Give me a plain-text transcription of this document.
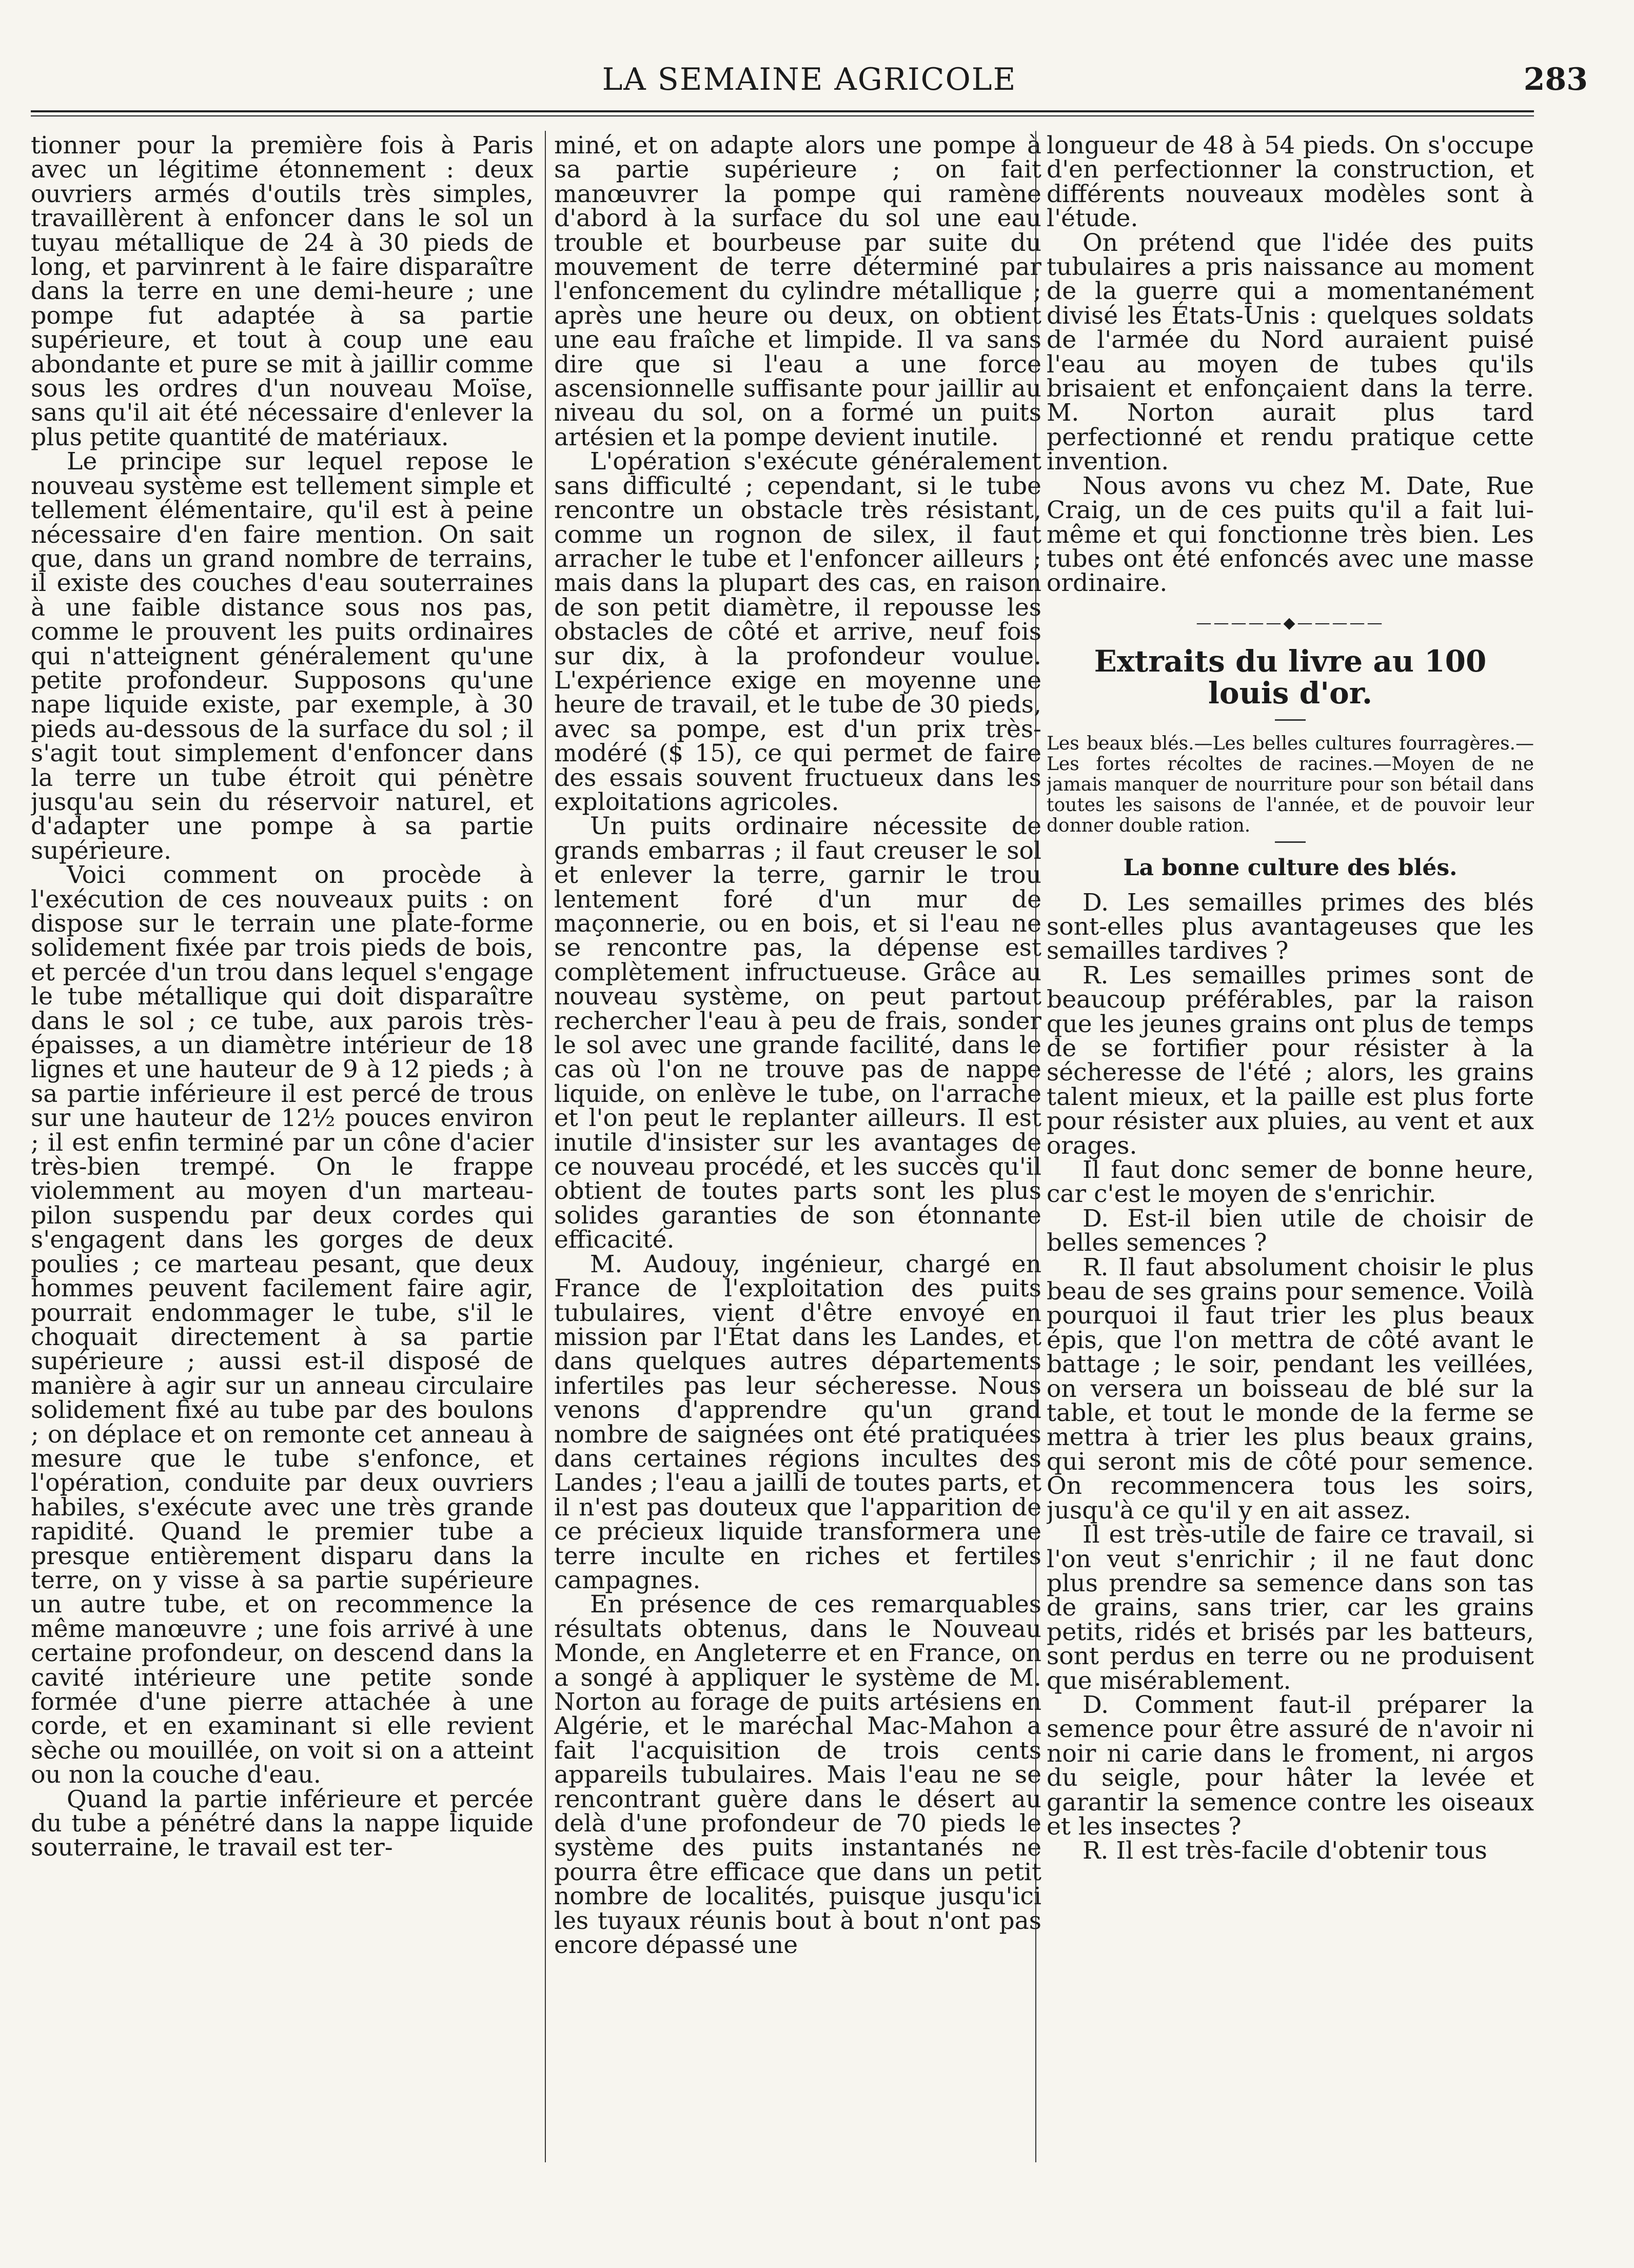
LA SEMAINE AGRICOLE	283

tionner pour la première fois à Paris avec un légitime étonnement : deux ouvriers armés d'outils très simples, travaillèrent à enfoncer dans le sol un tuyau métallique de 24 à 30 pieds de long, et parvinrent à le faire disparaître dans la terre en une demi-heure ; une pompe fut adaptée à sa partie supérieure, et tout à coup une eau abondante et pure se mit à jaillir comme sous les ordres d'un nouveau Moïse, sans qu'il ait été nécessaire d'enlever la plus petite quantité de matériaux.

Le principe sur lequel repose le nouveau système est tellement simple et tellement élémentaire, qu'il est à peine nécessaire d'en faire mention. On sait que, dans un grand nombre de terrains, il existe des couches d'eau souterraines à une faible distance sous nos pas, comme le prouvent les puits ordinaires qui n'atteignent généralement qu'une petite profondeur. Supposons qu'une nape liquide existe, par exemple, à 30 pieds au-dessous de la surface du sol ; il s'agit tout simplement d'enfoncer dans la terre un tube étroit qui pénètre jusqu'au sein du réservoir naturel, et d'adapter une pompe à sa partie supérieure.

Voici comment on procède à l'exécution de ces nouveaux puits : on dispose sur le terrain une plate-forme solidement fixée par trois pieds de bois, et percée d'un trou dans lequel s'engage le tube métallique qui doit disparaître dans le sol ; ce tube, aux parois très-épaisses, a un diamètre intérieur de 18 lignes et une hauteur de 9 à 12 pieds ; à sa partie inférieure il est percé de trous sur une hauteur de 12½ pouces environ ; il est enfin terminé par un cône d'acier très-bien trempé. On le frappe violemment au moyen d'un marteau-pilon suspendu par deux cordes qui s'engagent dans les gorges de deux poulies ; ce marteau pesant, que deux hommes peuvent facilement faire agir, pourrait endommager le tube, s'il le choquait directement à sa partie supérieure ; aussi est-il disposé de manière à agir sur un anneau circulaire solidement fixé au tube par des boulons ; on déplace et on remonte cet anneau à mesure que le tube s'enfonce, et l'opération, conduite par deux ouvriers habiles, s'exécute avec une très grande rapidité. Quand le premier tube a presque entièrement disparu dans la terre, on y visse à sa partie supérieure un autre tube, et on recommence la même manœuvre ; une fois arrivé à une certaine profondeur, on descend dans la cavité intérieure une petite sonde formée d'une pierre attachée à une corde, et en examinant si elle revient sèche ou mouillée, on voit si on a atteint ou non la couche d'eau.

Quand la partie inférieure et percée du tube a pénétré dans la nappe liquide souterraine, le travail est ter-

miné, et on adapte alors une pompe à sa partie supérieure ; on fait manœuvrer la pompe qui ramène d'abord à la surface du sol une eau trouble et bourbeuse par suite du mouvement de terre déterminé par l'enfoncement du cylindre métallique ; après une heure ou deux, on obtient une eau fraîche et limpide. Il va sans dire que si l'eau a une force ascensionnelle suffisante pour jaillir au niveau du sol, on a formé un puits artésien et la pompe devient inutile.

L'opération s'exécute généralement sans difficulté ; cependant, si le tube rencontre un obstacle très résistant, comme un rognon de silex, il faut arracher le tube et l'enfoncer ailleurs ; mais dans la plupart des cas, en raison de son petit diamètre, il repousse les obstacles de côté et arrive, neuf fois sur dix, à la profondeur voulue. L'expérience exige en moyenne une heure de travail, et le tube de 30 pieds, avec sa pompe, est d'un prix très-modéré ($ 15), ce qui permet de faire des essais souvent fructueux dans les exploitations agricoles.

Un puits ordinaire nécessite de grands embarras ; il faut creuser le sol et enlever la terre, garnir le trou lentement foré d'un mur de maçonnerie, ou en bois, et si l'eau ne se rencontre pas, la dépense est complètement infructueuse. Grâce au nouveau système, on peut partout rechercher l'eau à peu de frais, sonder le sol avec une grande facilité, dans le cas où l'on ne trouve pas de nappe liquide, on enlève le tube, on l'arrache et l'on peut le replanter ailleurs. Il est inutile d'insister sur les avantages de ce nouveau procédé, et les succès qu'il obtient de toutes parts sont les plus solides garanties de son étonnante efficacité.

M. Audouy, ingénieur, chargé en France de l'exploitation des puits tubulaires, vient d'être envoyé en mission par l'État dans les Landes, et dans quelques autres départements infertiles pas leur sécheresse. Nous venons d'apprendre qu'un grand nombre de saignées ont été pratiquées dans certaines régions incultes des Landes ; l'eau a jailli de toutes parts, et il n'est pas douteux que l'apparition de ce précieux liquide transformera une terre inculte en riches et fertiles campagnes.

En présence de ces remarquables résultats obtenus, dans le Nouveau Monde, en Angleterre et en France, on a songé à appliquer le système de M. Norton au forage de puits artésiens en Algérie, et le maréchal Mac-Mahon a fait l'acquisition de trois cents appareils tubulaires. Mais l'eau ne se rencontrant guère dans le désert au delà d'une profondeur de 70 pieds le système des puits instantanés ne pourra être efficace que dans un petit nombre de localités, puisque jusqu'ici les tuyaux réunis bout à bout n'ont pas encore dépassé une

longueur de 48 à 54 pieds. On s'occupe d'en perfectionner la construction, et différents nouveaux modèles sont à l'étude.

On prétend que l'idée des puits tubulaires a pris naissance au moment de la guerre qui a momentanément divisé les États-Unis : quelques soldats de l'armée du Nord auraient puisé l'eau au moyen de tubes qu'ils brisaient et enfonçaient dans la terre. M. Norton aurait plus tard perfectionné et rendu pratique cette invention.

Nous avons vu chez M. Date, Rue Craig, un de ces puits qu'il a fait lui-même et qui fonctionne très bien. Les tubes ont été enfoncés avec une masse ordinaire.

—————◆—————
Extraits du livre au 100 louis d'or.

Les beaux blés.—Les belles cultures fourragères.—Les fortes récoltes de racines.—Moyen de ne jamais manquer de nourriture pour son bétail dans toutes les saisons de l'année, et de pouvoir leur donner double ration.

La bonne culture des blés.

D. Les semailles primes des blés sont-elles plus avantageuses que les semailles tardives ?

R. Les semailles primes sont de beaucoup préférables, par la raison que les jeunes grains ont plus de temps de se fortifier pour résister à la sécheresse de l'été ; alors, les grains talent mieux, et la paille est plus forte pour résister aux pluies, au vent et aux orages.

Il faut donc semer de bonne heure, car c'est le moyen de s'enrichir.

D. Est-il bien utile de choisir de belles semences ?

R. Il faut absolument choisir le plus beau de ses grains pour semence. Voilà pourquoi il faut trier les plus beaux épis, que l'on mettra de côté avant le battage ; le soir, pendant les veillées, on versera un boisseau de blé sur la table, et tout le monde de la ferme se mettra à trier les plus beaux grains, qui seront mis de côté pour semence. On recommencera tous les soirs, jusqu'à ce qu'il y en ait assez.

Il est très-utile de faire ce travail, si l'on veut s'enrichir ; il ne faut donc plus prendre sa semence dans son tas de grains, sans trier, car les grains petits, ridés et brisés par les batteurs, sont perdus en terre ou ne produisent que misérablement.

D. Comment faut-il préparer la semence pour être assuré de n'avoir ni noir ni carie dans le froment, ni argos du seigle, pour hâter la levée et garantir la semence contre les oiseaux et les insectes ?

R. Il est très-facile d'obtenir tous
